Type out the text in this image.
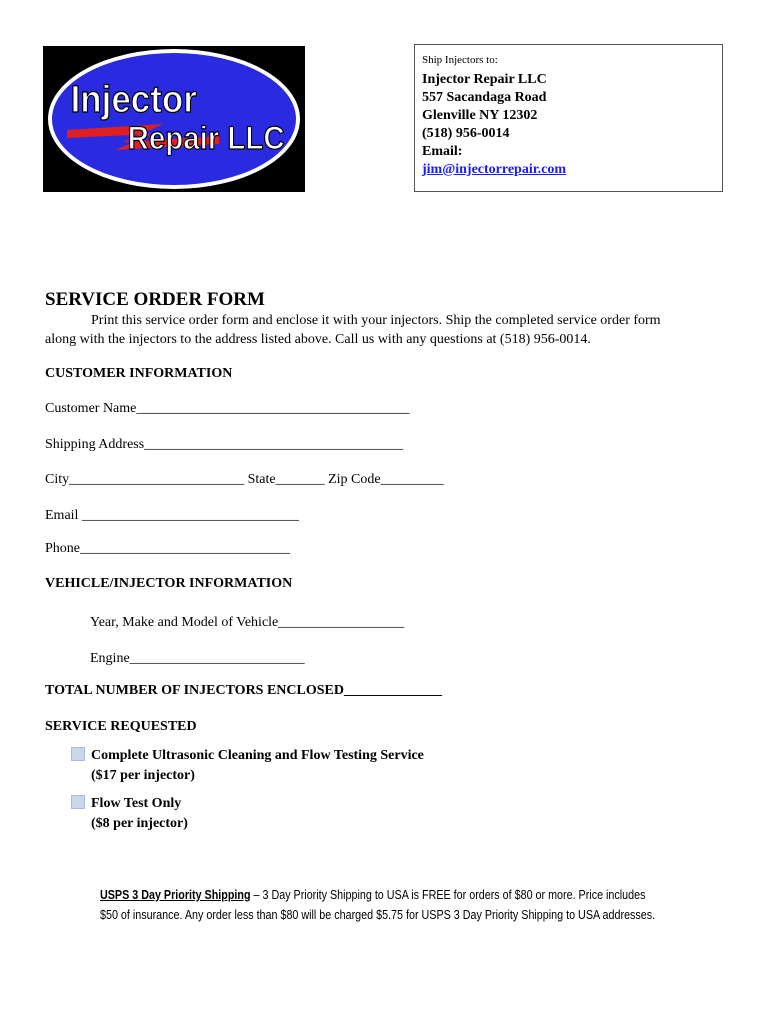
Injector
Repair LLC
Ship Injectors to:
Injector Repair LLC
557 Sacandaga Road
Glenville NY 12302
(518) 956-0014
Email:
jim@injectorrepair.com
SERVICE ORDER FORM
Print this service order form and enclose it with your injectors. Ship the completed service order form along with the injectors to the address listed above. Call us with any questions at (518) 956-0014.
CUSTOMER INFORMATION
Customer Name_______________________________________
Shipping Address_____________________________________
City_________________________ State_______ Zip Code_________
Email _______________________________
Phone______________________________
VEHICLE/INJECTOR INFORMATION
Year, Make and Model of Vehicle__________________
Engine_________________________
TOTAL NUMBER OF INJECTORS ENCLOSED______________
SERVICE REQUESTED
Complete Ultrasonic Cleaning and Flow Testing Service
($17 per injector)
Flow Test Only
($8 per injector)
USPS 3 Day Priority Shipping – 3 Day Priority Shipping to USA is FREE for orders of $80 or more. Price includes $50 of insurance. Any order less than $80 will be charged $5.75 for USPS 3 Day Priority Shipping to USA addresses.
